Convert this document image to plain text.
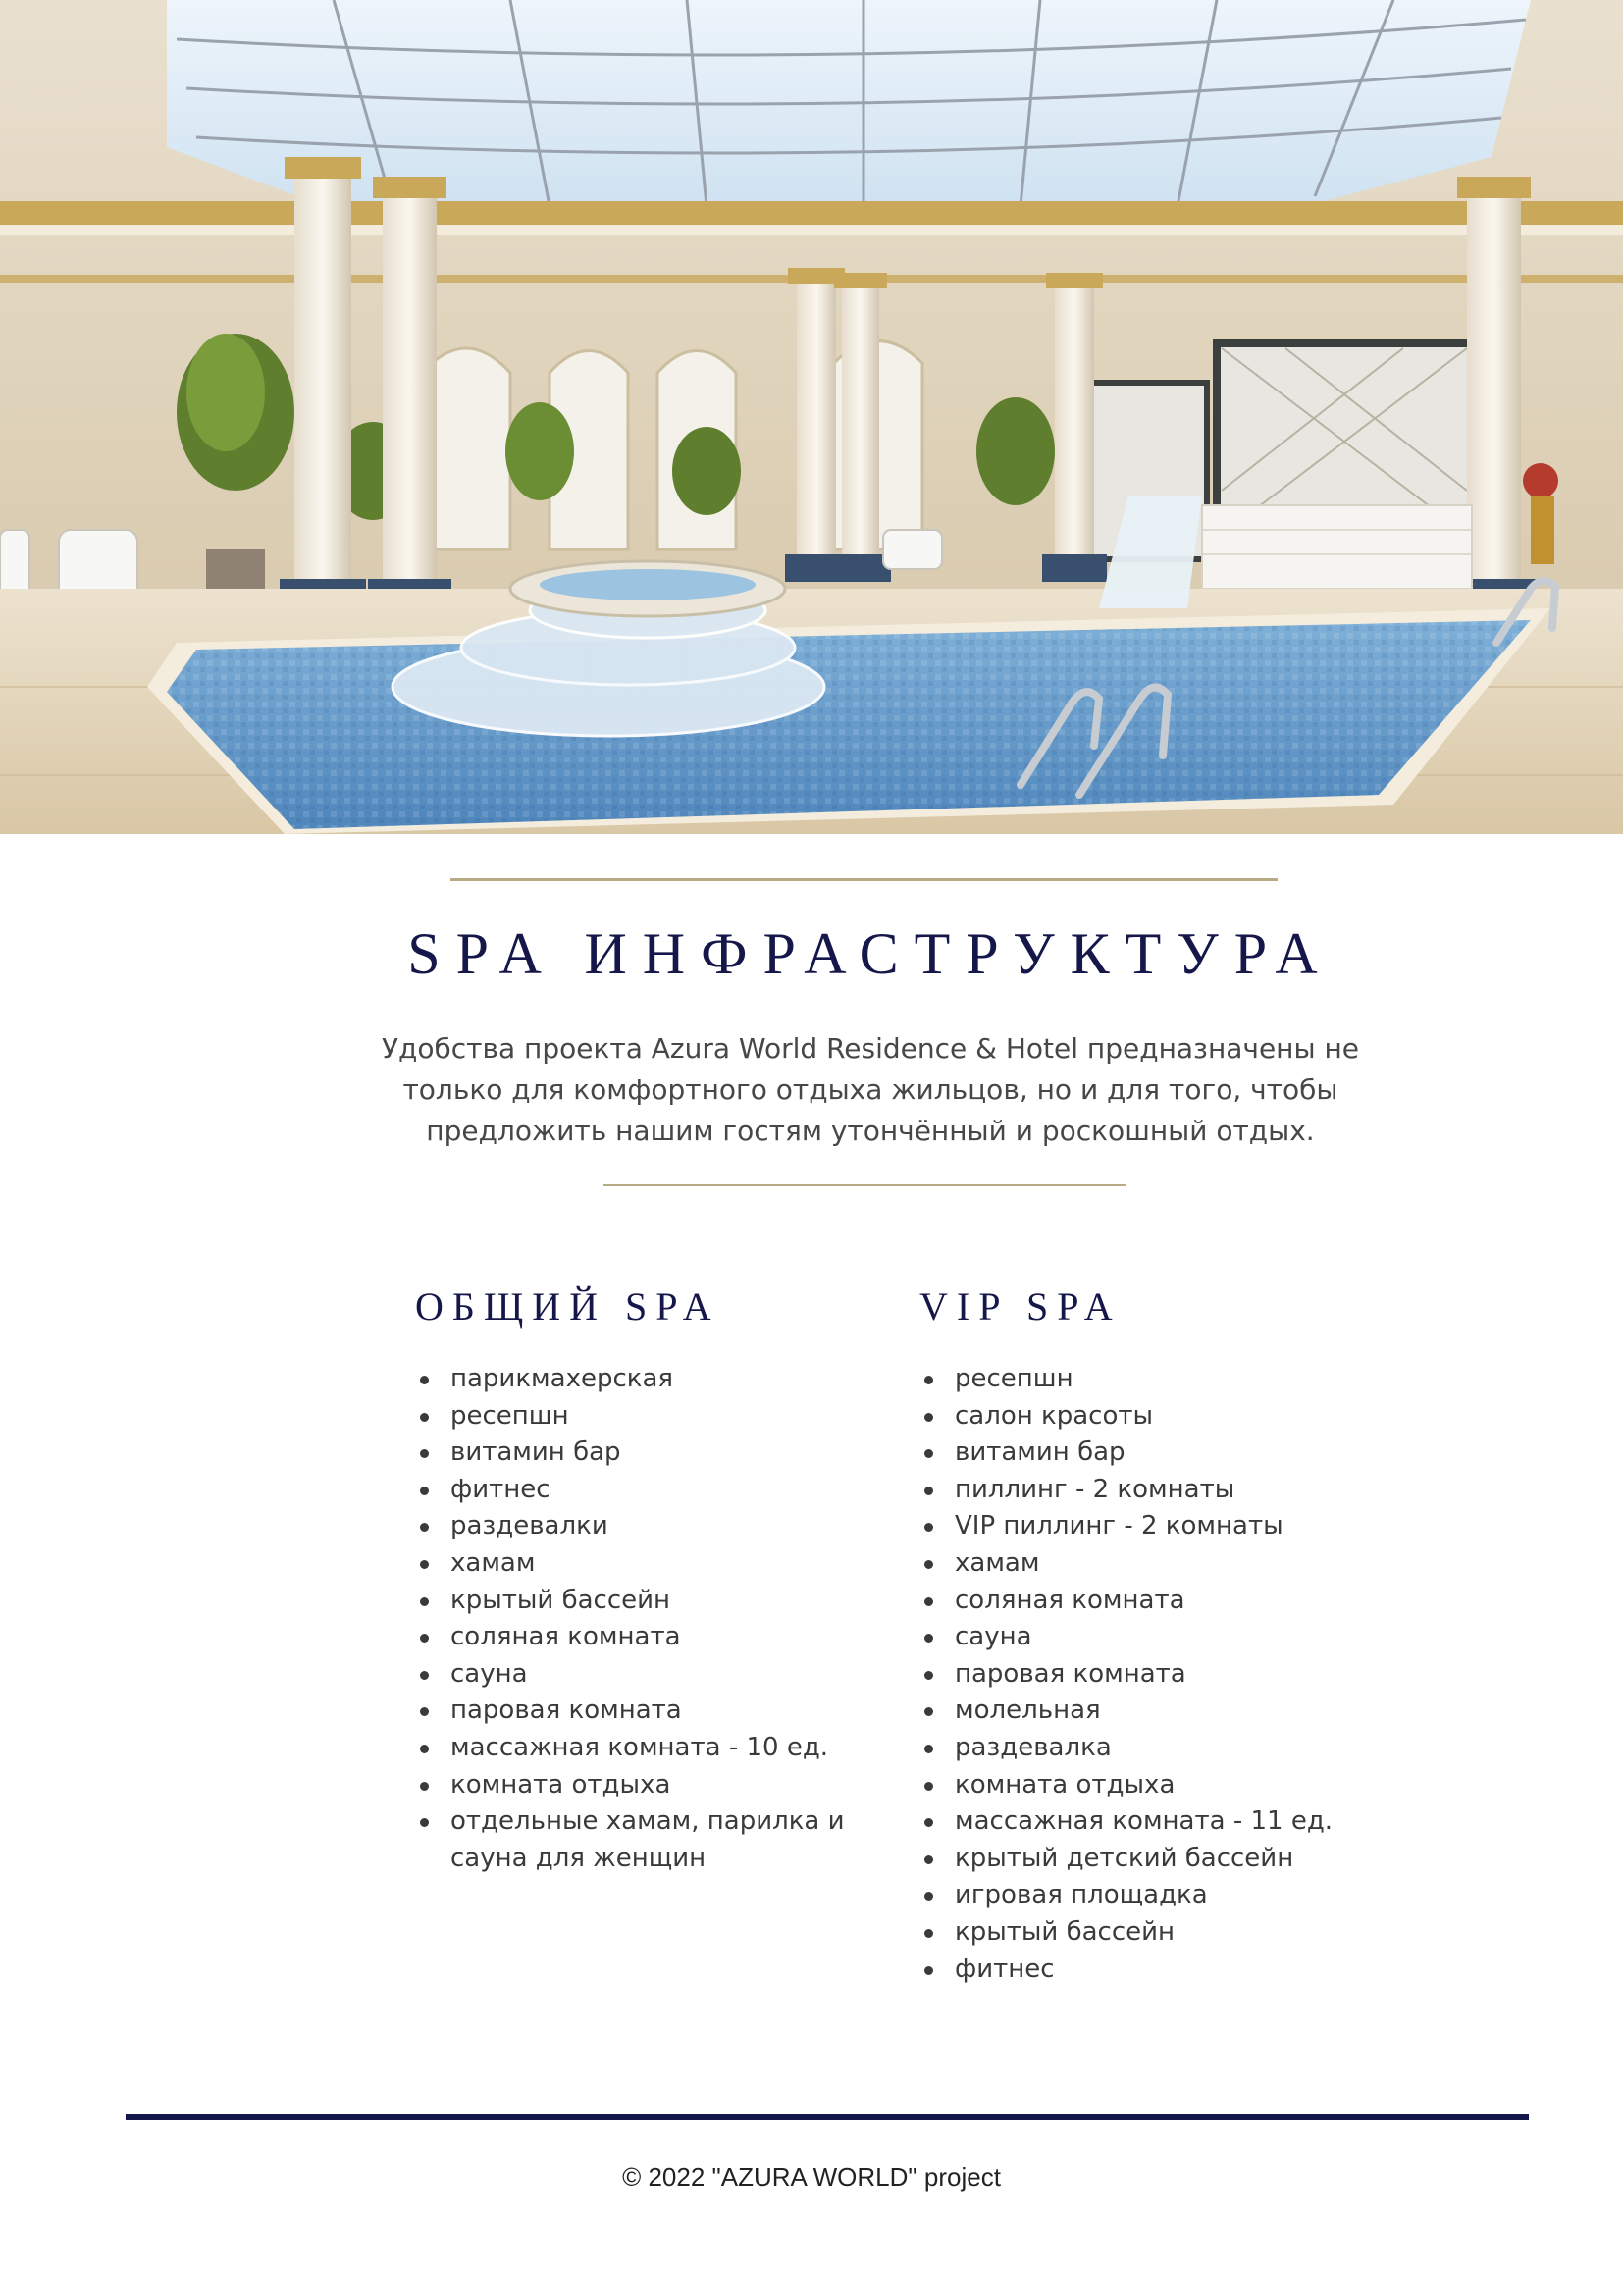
SPA ИНФРАСТРУКТУРА

Удобства проекта Azura World Residence & Hotel предназначены не только для комфортного отдыха жильцов, но и для того, чтобы предложить нашим гостям утончённый и роскошный отдых.

ОБЩИЙ SPA
парикмахерская
ресепшн
витамин бар
фитнес
раздевалки
хамам
крытый бассейн
соляная комната
сауна
паровая комната
массажная комната - 10 ед.
комната отдыха
отдельные хамам, парилка и сауна для женщин
VIP SPA
ресепшн
салон красоты
витамин бар
пиллинг - 2 комнаты
VIP пиллинг - 2 комнаты
хамам
соляная комната
сауна
паровая комната
молельная
раздевалка
комната отдыха
массажная комната - 11 ед.
крытый детский бассейн
игровая площадка
крытый бассейн
фитнес
© 2022 "AZURA WORLD" project
